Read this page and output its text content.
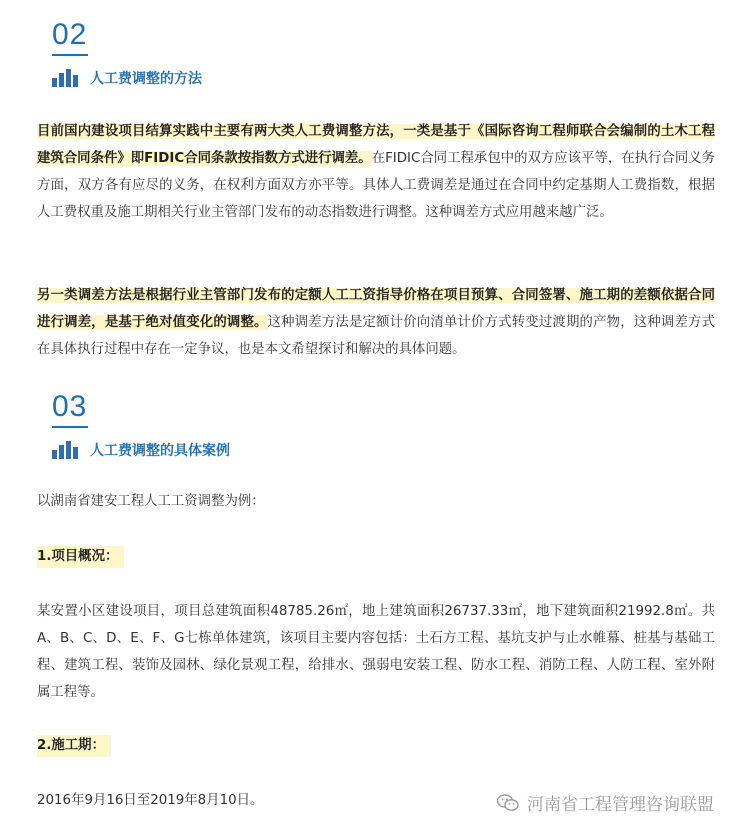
02
人工费调整的方法
目前国内建设项目结算实践中主要有两大类人工费调整方法，一类是基于《国际咨询工程师联合会编制的土木工程建筑合同条件》即FIDIC合同条款按指数方式进行调差。在FIDIC合同工程承包中的双方应该平等，在执行合同义务方面，双方各有应尽的义务，在权利方面双方亦平等。具体人工费调差是通过在合同中约定基期人工费指数，根据人工费权重及施工期相关行业主管部门发布的动态指数进行调整。这种调差方式应用越来越广泛。
另一类调差方法是根据行业主管部门发布的定额人工工资指导价格在项目预算、合同签署、施工期的差额依据合同进行调差，是基于绝对值变化的调整。这种调差方法是定额计价向清单计价方式转变过渡期的产物，这种调差方式在具体执行过程中存在一定争议，也是本文希望探讨和解决的具体问题。
03
人工费调整的具体案例
以湖南省建安工程人工工资调整为例：
1.项目概况：
某安置小区建设项目，项目总建筑面积48785.26㎡，地上建筑面积26737.33㎡，地下建筑面积21992.8㎡。共A、B、C、D、E、F、G七栋单体建筑，该项目主要内容包括：土石方工程、基坑支护与止水帷幕、桩基与基础工程、建筑工程、装饰及园林、绿化景观工程，给排水、强弱电安装工程、防水工程、消防工程、人防工程、室外附属工程等。
2.施工期：
2016年9月16日至2019年8月10日。	河南省工程管理咨询联盟
